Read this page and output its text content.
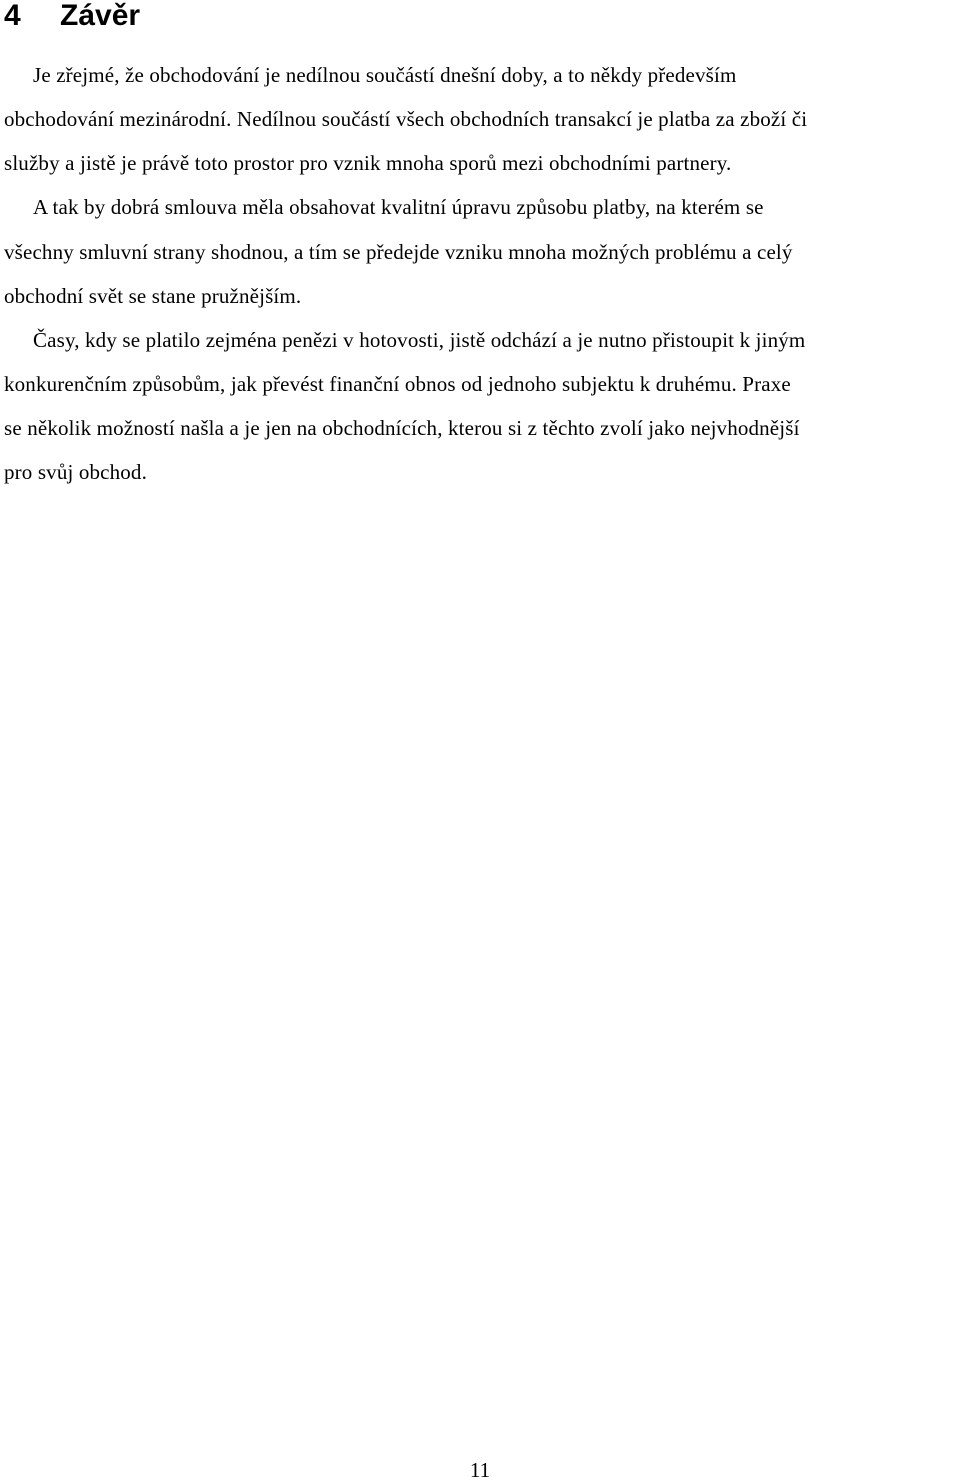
4 Závěr

Je zřejmé, že obchodování je nedílnou součástí dnešní doby, a to někdy především

obchodování mezinárodní. Nedílnou součástí všech obchodních transakcí je platba za zboží či

služby a jistě je právě toto prostor pro vznik mnoha sporů mezi obchodními partnery.

A tak by dobrá smlouva měla obsahovat kvalitní úpravu způsobu platby, na kterém se

všechny smluvní strany shodnou, a tím se předejde vzniku mnoha možných problému a celý

obchodní svět se stane pružnějším.

Časy, kdy se platilo zejména penězi v hotovosti, jistě odchází a je nutno přistoupit k jiným

konkurenčním způsobům, jak převést finanční obnos od jednoho subjektu k druhému. Praxe

se několik možností našla a je jen na obchodnících, kterou si z těchto zvolí jako nejvhodnější

pro svůj obchod.

11
